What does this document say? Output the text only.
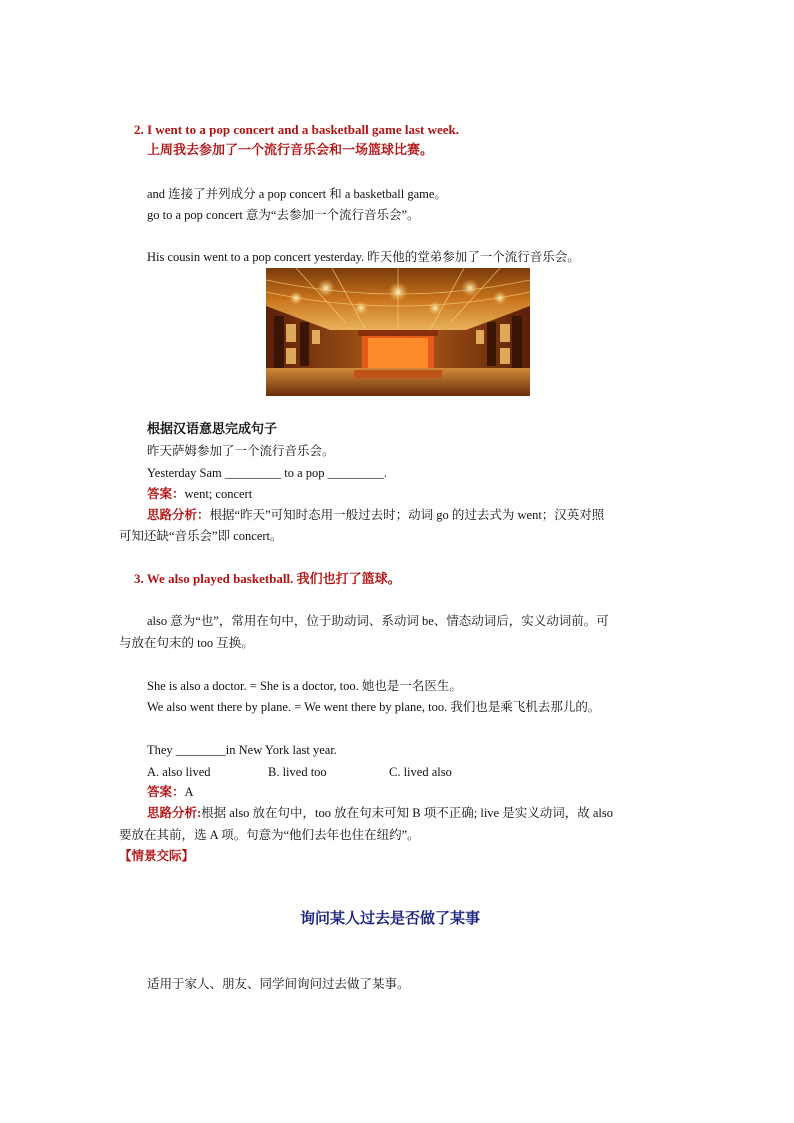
2. I went to a pop concert and a basketball game last week.
上周我去参加了一个流行音乐会和一场篮球比赛。
and 连接了并列成分 a pop concert 和 a basketball game。
go to a pop concert 意为“去参加一个流行音乐会”。
His cousin went to a pop concert yesterday. 昨天他的堂弟参加了一个流行音乐会。
根据汉语意思完成句子
昨天萨姆参加了一个流行音乐会。
Yesterday Sam _________ to a pop _________.
答案：went; concert
思路分析：根据“昨天”可知时态用一般过去时；动词 go 的过去式为 went；汉英对照
可知还缺“音乐会”即 concert。
3. We also played basketball. 我们也打了篮球。
also 意为“也”，常用在句中，位于助动词、系动词 be、情态动词后，实义动词前。可
与放在句末的 too 互换。
She is also a doctor. = She is a doctor, too. 她也是一名医生。
We also went there by plane. = We went there by plane, too. 我们也是乘飞机去那儿的。
They ________in New York last year.
A. also lived	B. lived too	C. lived also
答案：A
思路分析:根据 also 放在句中，too 放在句末可知 B 项不正确; live 是实义动词，故 also
要放在其前，选 A 项。句意为“他们去年也住在纽约”。
【情景交际】
询问某人过去是否做了某事
适用于家人、朋友、同学间询问过去做了某事。
